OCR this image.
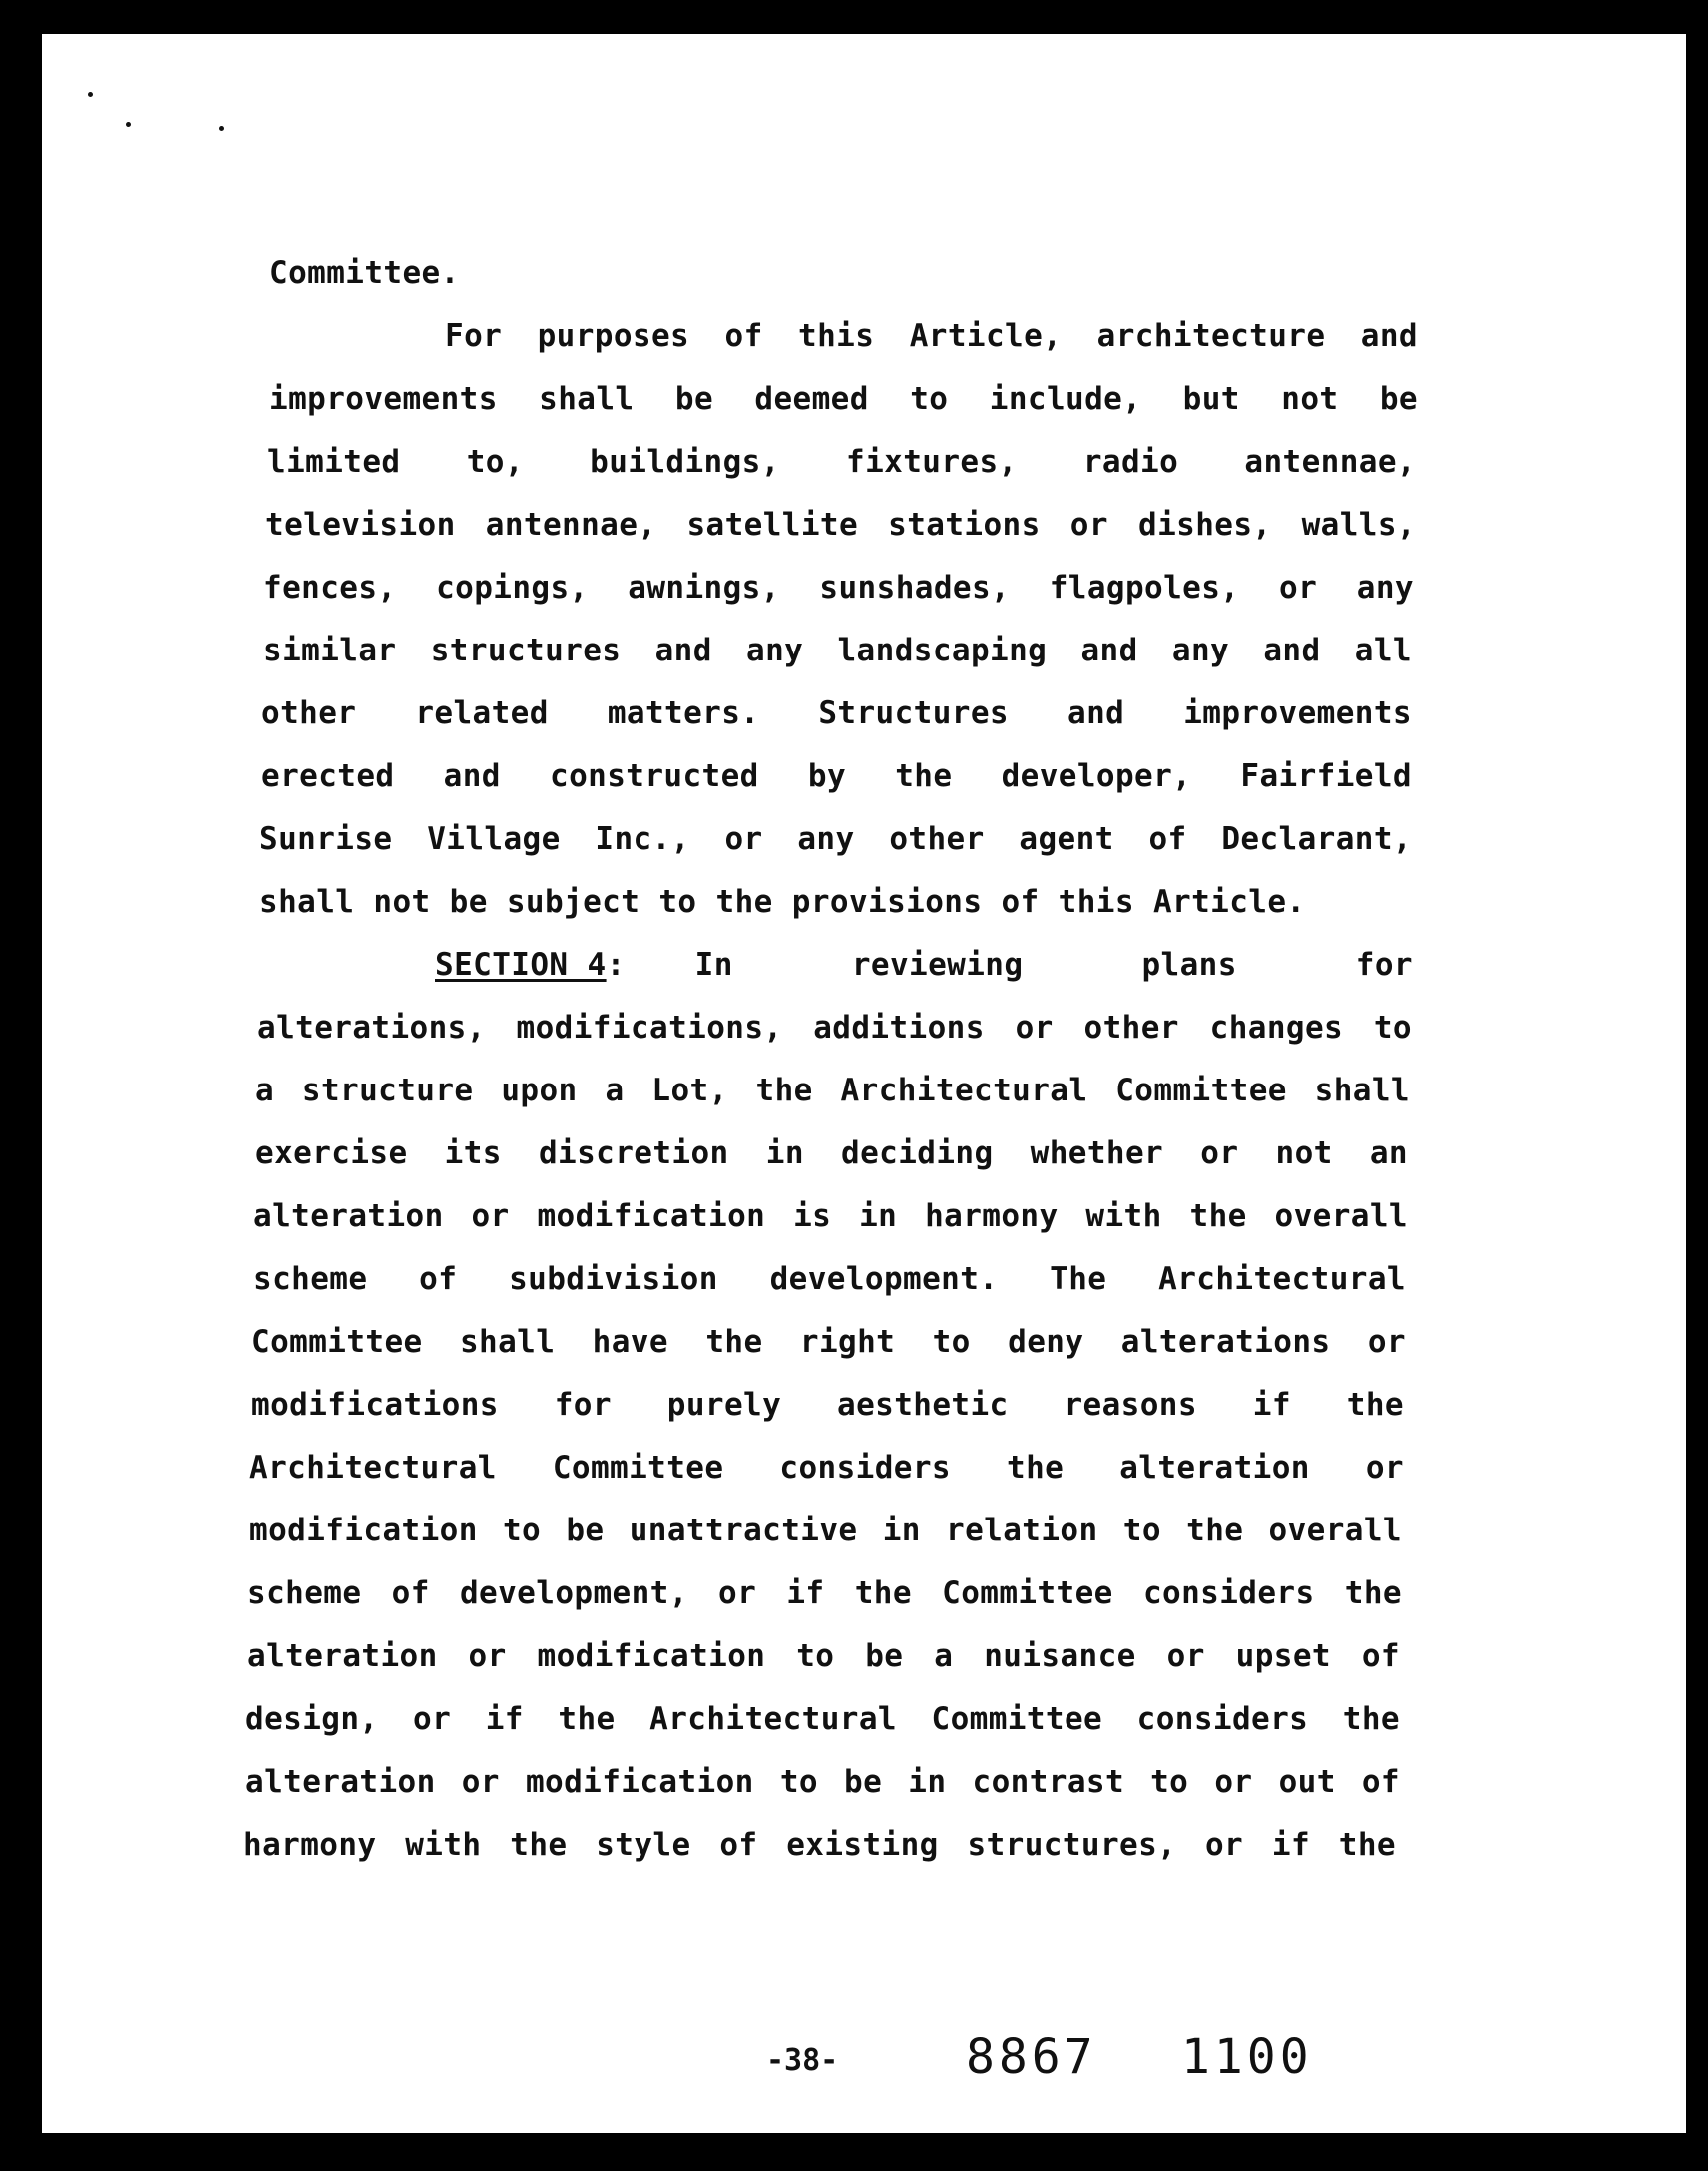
Committee.
For purposes of this Article, architecture and
improvements shall be deemed to include, but not be
limited to, buildings, fixtures, radio antennae,
television antennae, satellite stations or dishes, walls,
fences, copings, awnings, sunshades, flagpoles, or any
similar structures and any landscaping and any and all
other related matters. Structures and improvements
erected and constructed by the developer, Fairfield
Sunrise Village Inc., or any other agent of Declarant,
shall not be subject to the provisions of this Article.
alterations, modifications, additions or other changes to
a structure upon a Lot, the Architectural Committee shall
exercise its discretion in deciding whether or not an
alteration or modification is in harmony with the overall
scheme of subdivision development. The Architectural
Committee shall have the right to deny alterations or
modifications for purely aesthetic reasons if the
Architectural Committee considers the alteration or
modification to be unattractive in relation to the overall
scheme of development, or if the Committee considers the
alteration or modification to be a nuisance or upset of
design, or if the Architectural Committee considers the
alteration or modification to be in contrast to or out of
harmony with the style of existing structures, or if the
SECTION 4 : In reviewing plans for
-38-	8867 1100
